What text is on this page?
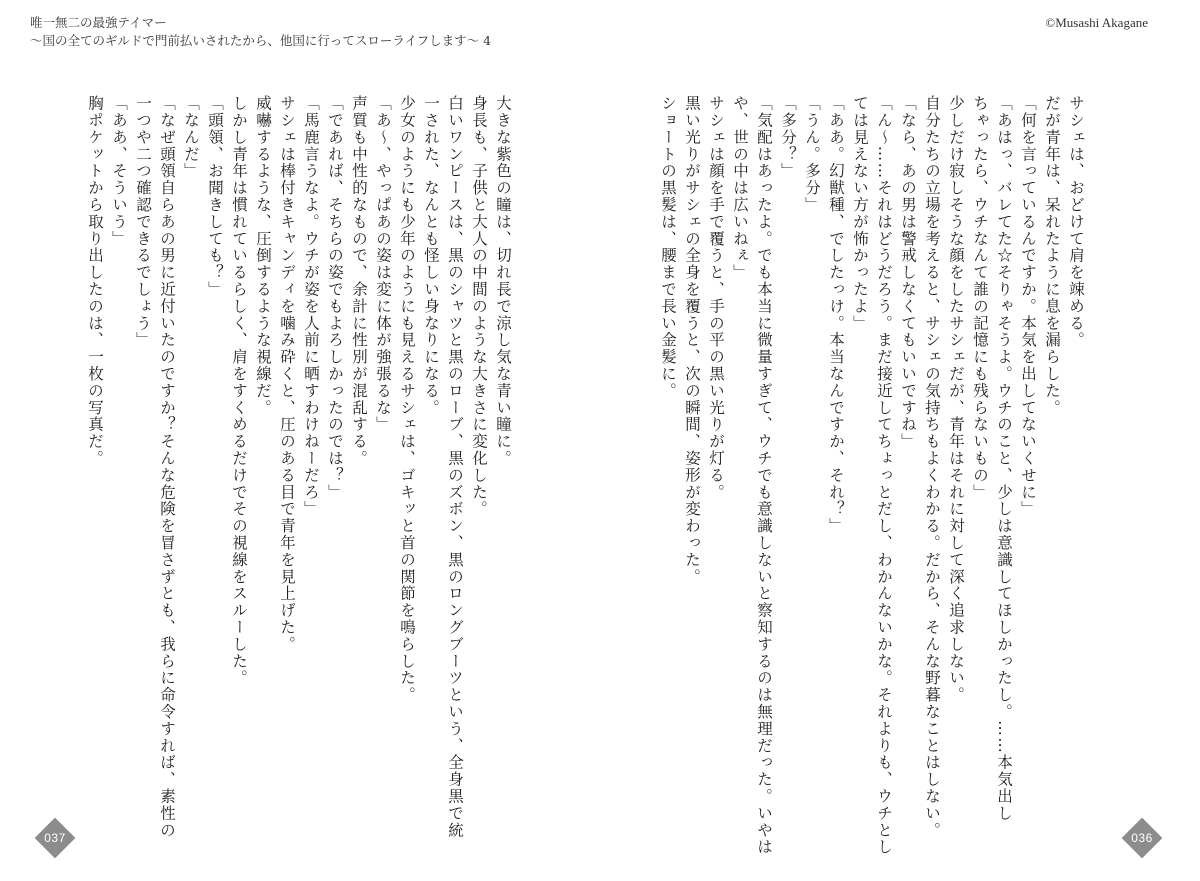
唯一無二の最強テイマー
〜国の全てのギルドで門前払いされたから、他国に行ってスローライフします〜 4
©Musashi Akagane
サシェは、おどけて肩を竦める。
だが青年は、呆れたように息を漏らした。
「何を言っているんですか。本気を出してないくせに」
「あはっ、バレてた☆そりゃそうよ。ウチのこと、少しは意識してほしかったし。……本気出し
ちゃったら、ウチなんて誰の記憶にも残らないもの」
少しだけ寂しそうな顔をしたサシェだが、青年はそれに対して深く追求しない。
自分たちの立場を考えると、サシェの気持ちもよくわかる。だから、そんな野暮なことはしない。
「なら、あの男は警戒しなくてもいいですね」
「ん〜……それはどうだろう。まだ接近してちょっとだし、わかんないかな。それよりも、ウチとし
ては見えない方が怖かったよ」
「ああ。幻獣種、でしたっけ。本当なんですか、それ？」
「うん。多分」
「多分？」
「気配はあったよ。でも本当に微量すぎて、ウチでも意識しないと察知するのは無理だった。いやは
や、世の中は広いねぇ」
サシェは顔を手で覆うと、手の平の黒い光りが灯る。
黒い光りがサシェの全身を覆うと、次の瞬間、姿形が変わった。
ショートの黒髪は、腰まで長い金髪に。
大きな紫色の瞳は、切れ長で涼し気な青い瞳に。
身長も、子供と大人の中間のような大きさに変化した。
白いワンピースは、黒のシャツと黒のローブ、黒のズボン、黒のロングブーツという、全身黒で統
一された、なんとも怪しい身なりになる。
少女のようにも少年のようにも見えるサシェは、ゴキッと首の関節を鳴らした。
「あ〜、やっぱあの姿は変に体が強張るな」
声質も中性的なもので、余計に性別が混乱する。
「であれば、そちらの姿でもよろしかったのでは？」
「馬鹿言うなよ。ウチが姿を人前に晒すわけねーだろ」
サシェは棒付きキャンディを噛み砕くと、圧のある目で青年を見上げた。
威嚇するような、圧倒するような視線だ。
しかし青年は慣れているらしく、肩をすくめるだけでその視線をスルーした。
「頭領、お聞きしても？」
「なんだ」
「なぜ頭領自らあの男に近付いたのですか？そんな危険を冒さずとも、我らに命令すれば、素性の
一つや二つ確認できるでしょう」
「ああ、そういう」
胸ポケットから取り出したのは、一枚の写真だ。
037	036
